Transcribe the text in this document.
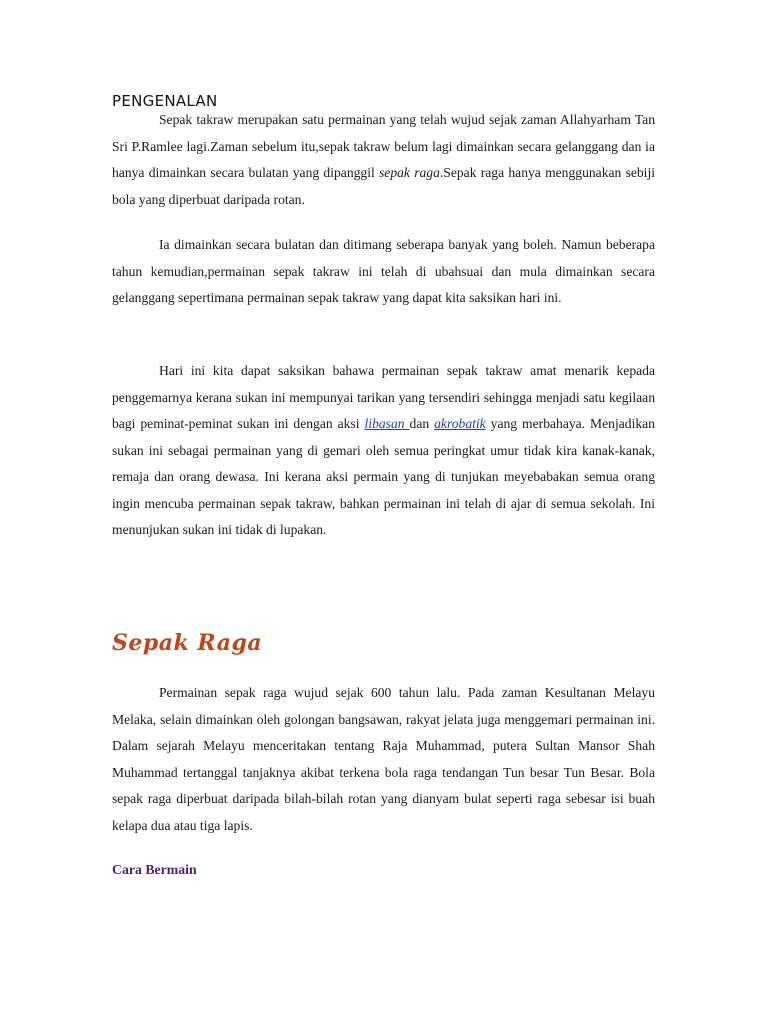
PENGENALAN
Sepak takraw merupakan satu permainan yang telah wujud sejak zaman Allahyarham Tan Sri P.Ramlee lagi.Zaman sebelum itu,sepak takraw belum lagi dimainkan secara gelanggang dan ia hanya dimainkan secara bulatan yang dipanggil sepak raga.Sepak raga hanya menggunakan sebiji bola yang diperbuat daripada rotan.
Ia dimainkan secara bulatan dan ditimang seberapa banyak yang boleh. Namun beberapa tahun kemudian,permainan sepak takraw ini telah di ubahsuai dan mula dimainkan secara gelanggang sepertimana permainan sepak takraw yang dapat kita saksikan hari ini.
Hari ini kita dapat saksikan bahawa permainan sepak takraw amat menarik kepada penggemarnya kerana sukan ini mempunyai tarikan yang tersendiri sehingga menjadi satu kegilaan bagi peminat-peminat sukan ini dengan aksi libasan dan akrobatik yang merbahaya. Menjadikan sukan ini sebagai permainan yang di gemari oleh semua peringkat umur tidak kira kanak-kanak, remaja dan orang dewasa. Ini kerana aksi permain yang di tunjukan meyebabakan semua orang ingin mencuba permainan sepak takraw, bahkan permainan ini telah di ajar di semua sekolah. Ini menunjukan sukan ini tidak di lupakan.
Sepak Raga
Permainan sepak raga wujud sejak 600 tahun lalu. Pada zaman Kesultanan Melayu Melaka, selain dimainkan oleh golongan bangsawan, rakyat jelata juga menggemari permainan ini. Dalam sejarah Melayu menceritakan tentang Raja Muhammad, putera Sultan Mansor Shah Muhammad tertanggal tanjaknya akibat terkena bola raga tendangan Tun besar Tun Besar. Bola sepak raga diperbuat daripada bilah-bilah rotan yang dianyam bulat seperti raga sebesar isi buah kelapa dua atau tiga lapis.
Cara Bermain
